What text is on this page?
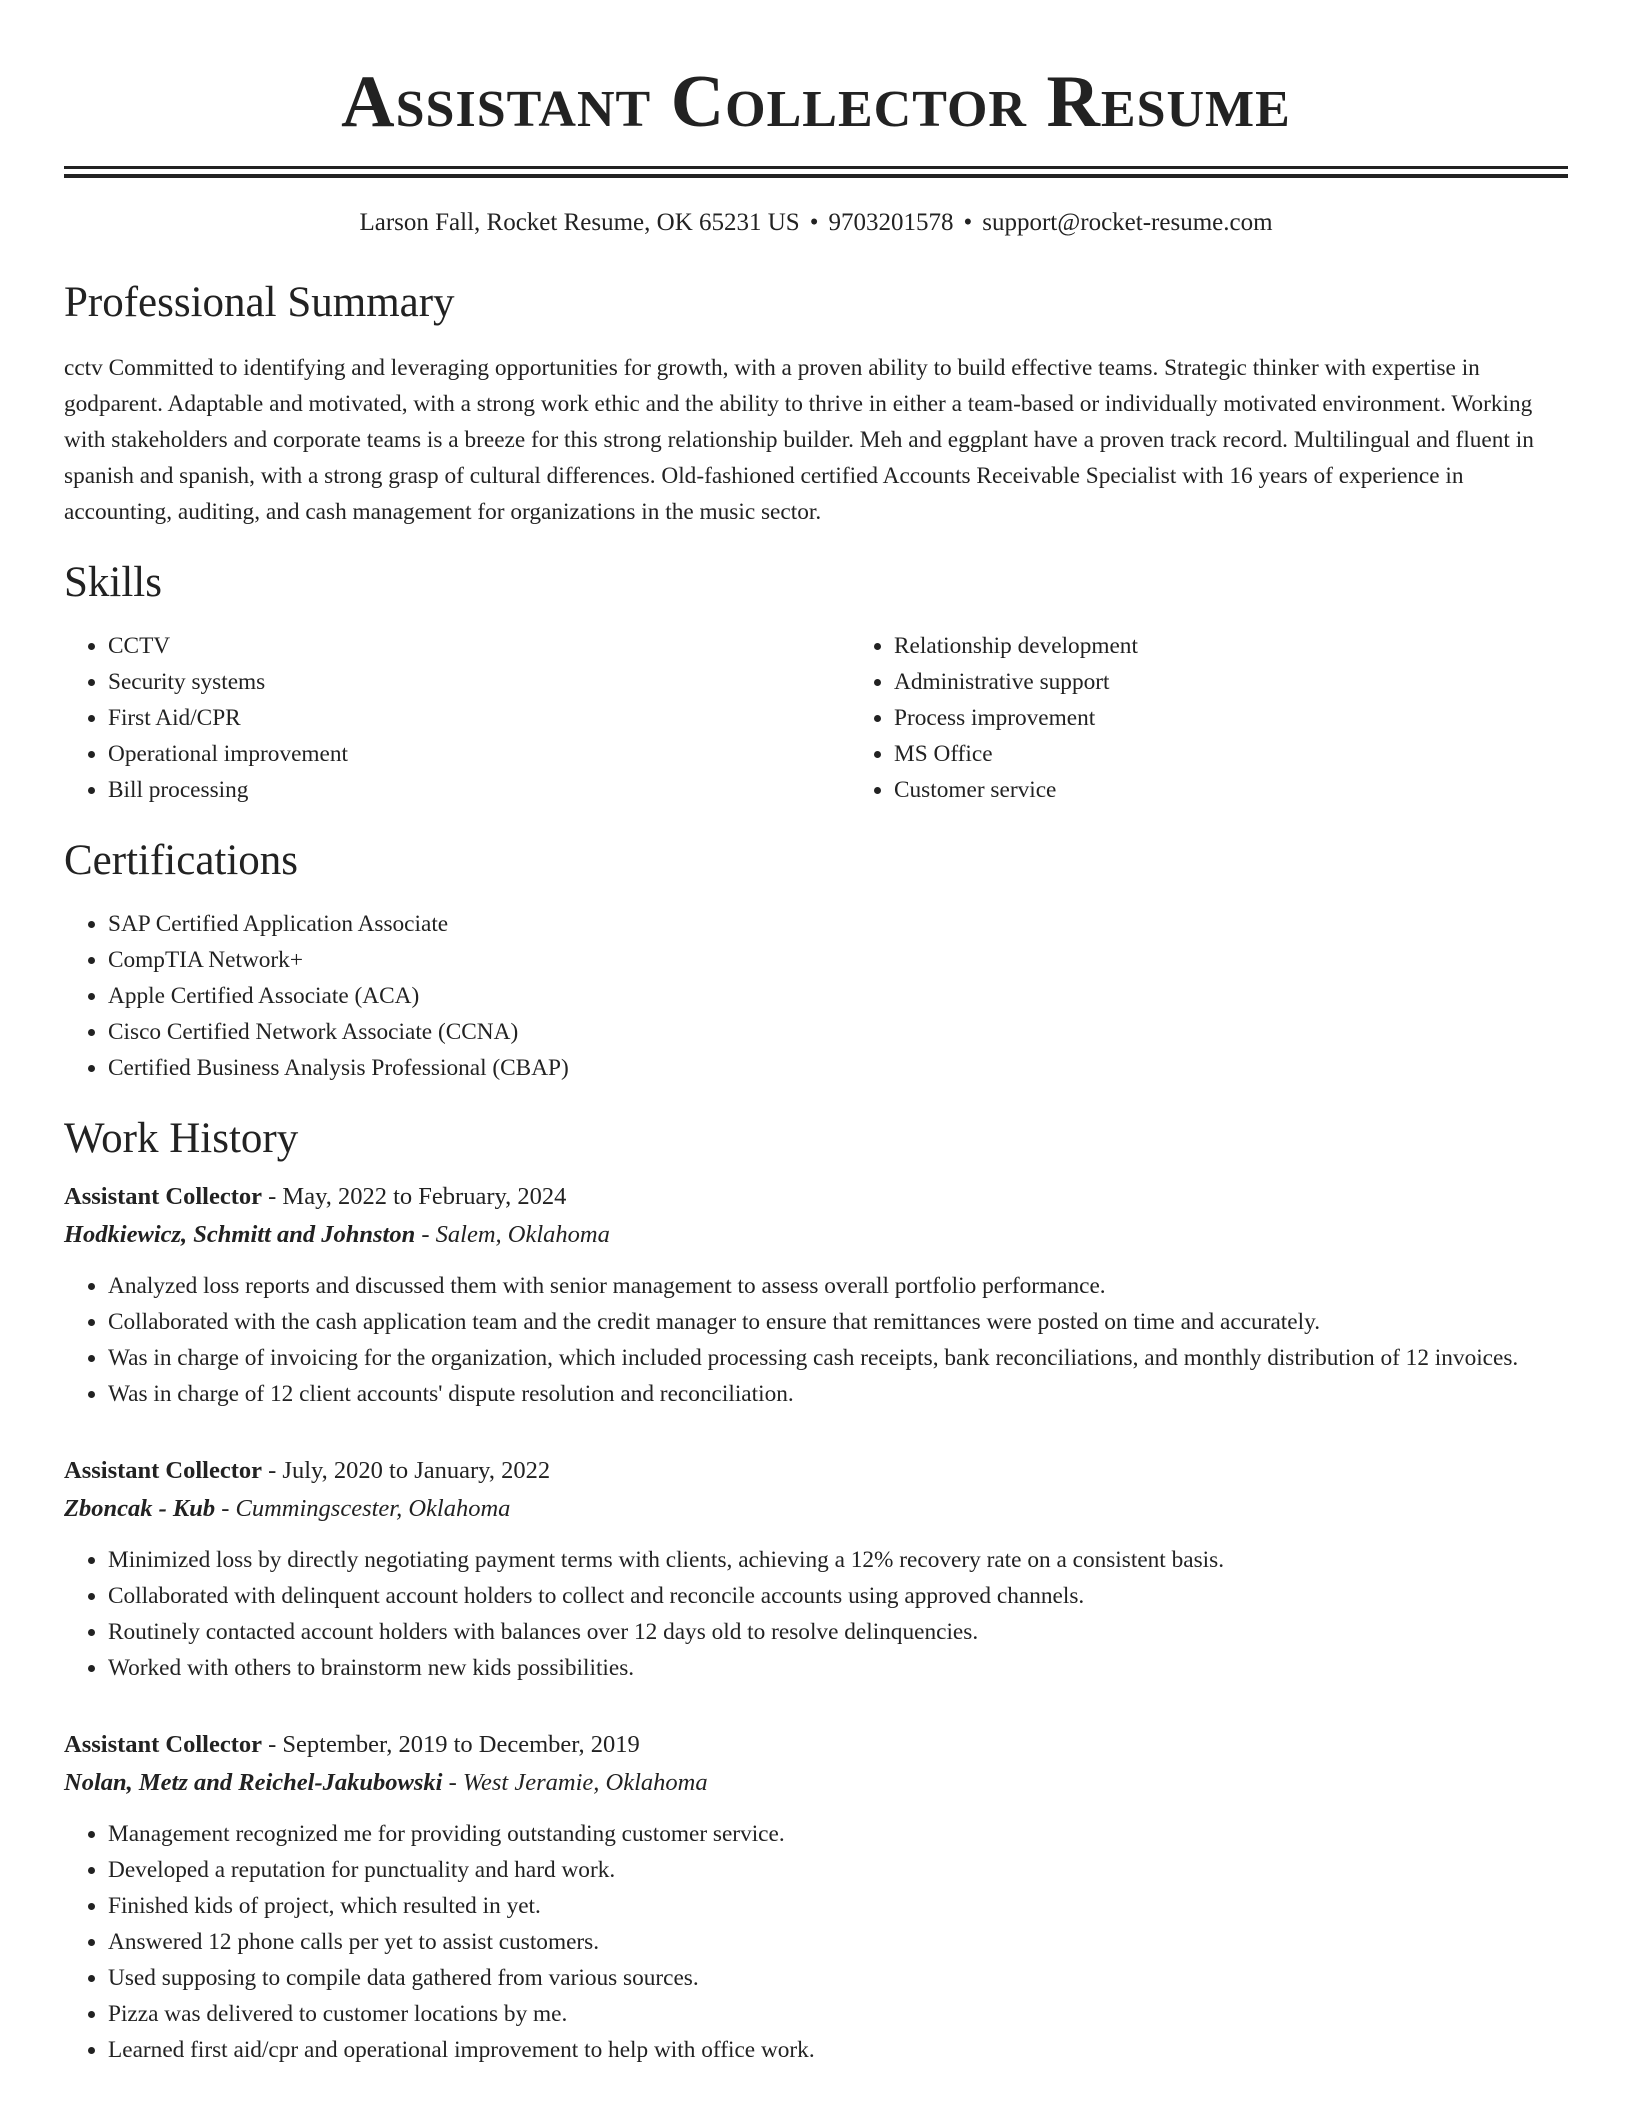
Assistant Collector Resume
Larson Fall, Rocket Resume, OK 65231 US • 9703201578 • support@rocket-resume.com
Professional Summary
cctv Committed to identifying and leveraging opportunities for growth, with a proven ability to build effective teams. Strategic thinker with expertise in godparent. Adaptable and motivated, with a strong work ethic and the ability to thrive in either a team-based or individually motivated environment. Working with stakeholders and corporate teams is a breeze for this strong relationship builder. Meh and eggplant have a proven track record. Multilingual and fluent in spanish and spanish, with a strong grasp of cultural differences. Old-fashioned certified Accounts Receivable Specialist with 16 years of experience in accounting, auditing, and cash management for organizations in the music sector.
Skills
• CCTV
• Security systems
• First Aid/CPR
• Operational improvement
• Bill processing
• Relationship development
• Administrative support
• Process improvement
• MS Office
• Customer service
Certifications
• SAP Certified Application Associate
• CompTIA Network+
• Apple Certified Associate (ACA)
• Cisco Certified Network Associate (CCNA)
• Certified Business Analysis Professional (CBAP)
Work History
Assistant Collector - May, 2022 to February, 2024
Hodkiewicz, Schmitt and Johnston - Salem, Oklahoma
• Analyzed loss reports and discussed them with senior management to assess overall portfolio performance.
• Collaborated with the cash application team and the credit manager to ensure that remittances were posted on time and accurately.
• Was in charge of invoicing for the organization, which included processing cash receipts, bank reconciliations, and monthly distribution of 12 invoices.
• Was in charge of 12 client accounts' dispute resolution and reconciliation.
Assistant Collector - July, 2020 to January, 2022
Zboncak - Kub - Cummingscester, Oklahoma
• Minimized loss by directly negotiating payment terms with clients, achieving a 12% recovery rate on a consistent basis.
• Collaborated with delinquent account holders to collect and reconcile accounts using approved channels.
• Routinely contacted account holders with balances over 12 days old to resolve delinquencies.
• Worked with others to brainstorm new kids possibilities.
Assistant Collector - September, 2019 to December, 2019
Nolan, Metz and Reichel-Jakubowski - West Jeramie, Oklahoma
• Management recognized me for providing outstanding customer service.
• Developed a reputation for punctuality and hard work.
• Finished kids of project, which resulted in yet.
• Answered 12 phone calls per yet to assist customers.
• Used supposing to compile data gathered from various sources.
• Pizza was delivered to customer locations by me.
• Learned first aid/cpr and operational improvement to help with office work.
